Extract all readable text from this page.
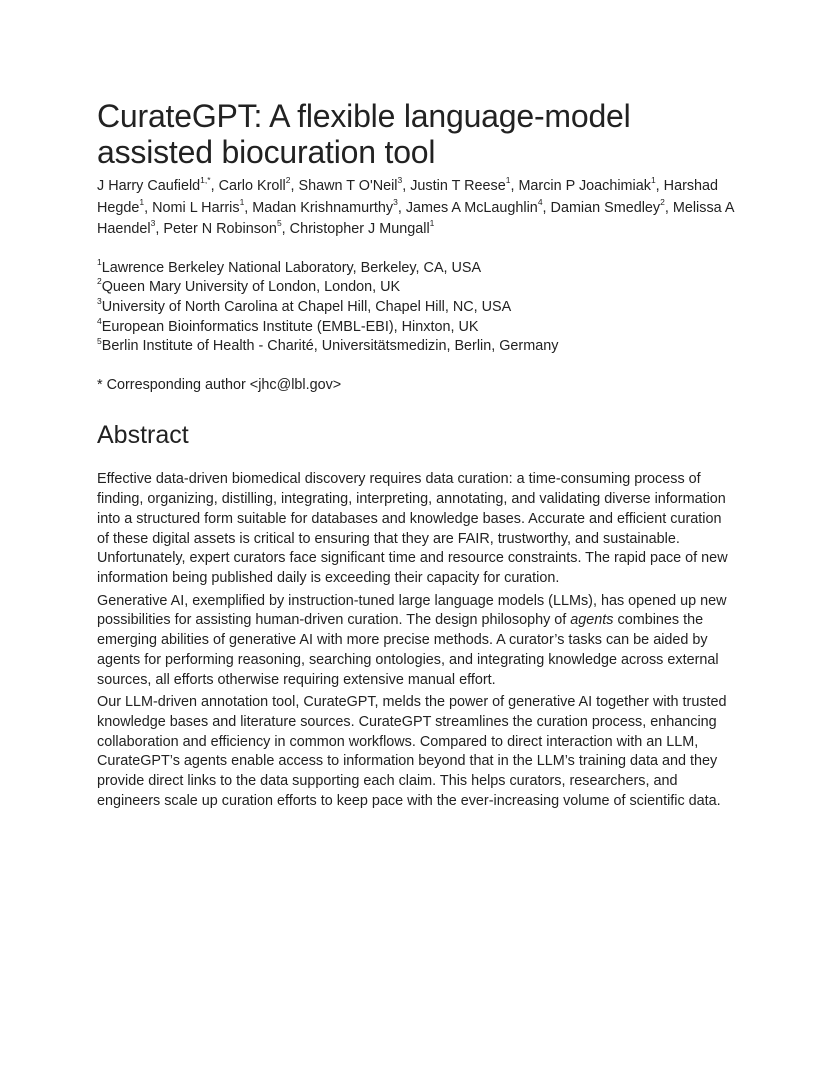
CurateGPT: A flexible language-model
assisted biocuration tool
J Harry Caufield$^{1,*}$, Carlo Kroll$^2$, Shawn T O'Neil$^3$, Justin T Reese$^1$, Marcin P Joachimiak$^1$, Harshad Hegde$^1$, Nomi L Harris$^1$, Madan Krishnamurthy$^3$, James A McLaughlin$^4$, Damian Smedley$^2$, Melissa A Haendel$^3$, Peter N Robinson$^5$, Christopher J Mungall$^1$
$^1$Lawrence Berkeley National Laboratory, Berkeley, CA, USA
$^2$Queen Mary University of London, London, UK
$^3$University of North Carolina at Chapel Hill, Chapel Hill, NC, USA
$^4$European Bioinformatics Institute (EMBL-EBI), Hinxton, UK
$^5$Berlin Institute of Health - Charité, Universitätsmedizin, Berlin, Germany
* Corresponding author <jhc@lbl.gov>
Abstract

Effective data-driven biomedical discovery requires data curation: a time-consuming process of finding, organizing, distilling, integrating, interpreting, annotating, and validating diverse information into a structured form suitable for databases and knowledge bases. Accurate and efficient curation of these digital assets is critical to ensuring that they are FAIR, trustworthy, and sustainable. Unfortunately, expert curators face significant time and resource constraints. The rapid pace of new information being published daily is exceeding their capacity for curation.

Generative AI, exemplified by instruction-tuned large language models (LLMs), has opened up new possibilities for assisting human-driven curation. The design philosophy of agents combines the emerging abilities of generative AI with more precise methods. A curator’s tasks can be aided by agents for performing reasoning, searching ontologies, and integrating knowledge across external sources, all efforts otherwise requiring extensive manual effort.

Our LLM-driven annotation tool, CurateGPT, melds the power of generative AI together with trusted knowledge bases and literature sources. CurateGPT streamlines the curation process, enhancing collaboration and efficiency in common workflows. Compared to direct interaction with an LLM, CurateGPT’s agents enable access to information beyond that in the LLM’s training data and they provide direct links to the data supporting each claim. This helps curators, researchers, and engineers scale up curation efforts to keep pace with the ever-increasing volume of scientific data.
